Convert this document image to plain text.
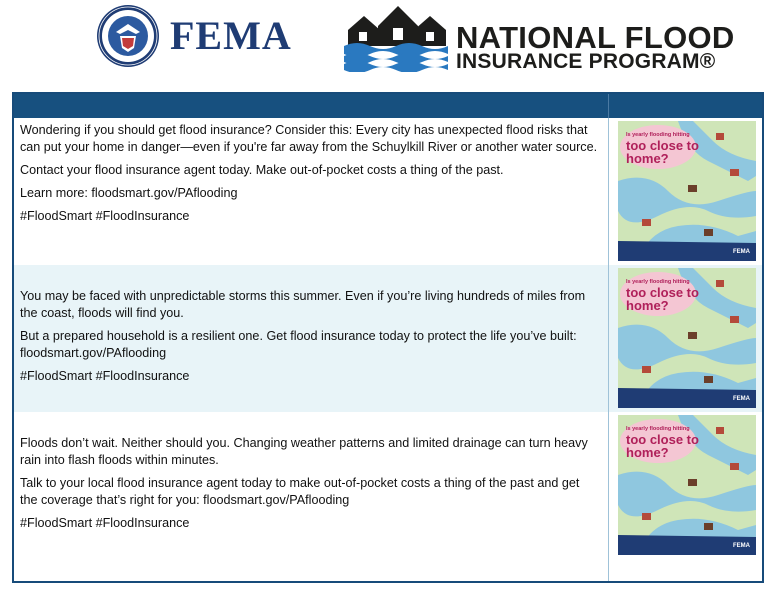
FEMA	NATIONAL FLOOD
INSURANCE PROGRAM®

Wondering if you should get flood insurance? Consider this: Every city has unexpected flood risks that can put your home in danger—even if you're far away from the Schuylkill River or another water source.

Contact your flood insurance agent today. Make out-of-pocket costs a thing of the past.

Learn more: floodsmart.gov/PAflooding

#FloodSmart #FloodInsurance

Is yearly flooding hitting
too close to home?
FEMA

You may be faced with unpredictable storms this summer. Even if you’re living hundreds of miles from the coast, floods will find you.

But a prepared household is a resilient one. Get flood insurance today to protect the life you’ve built: floodsmart.gov/PAflooding

#FloodSmart #FloodInsurance

Is yearly flooding hitting
too close to home?
FEMA

Floods don’t wait. Neither should you. Changing weather patterns and limited drainage can turn heavy rain into flash floods within minutes.

Talk to your local flood insurance agent today to make out-of-pocket costs a thing of the past and get the coverage that’s right for you: floodsmart.gov/PAflooding

#FloodSmart #FloodInsurance

Is yearly flooding hitting
too close to home?
FEMA
